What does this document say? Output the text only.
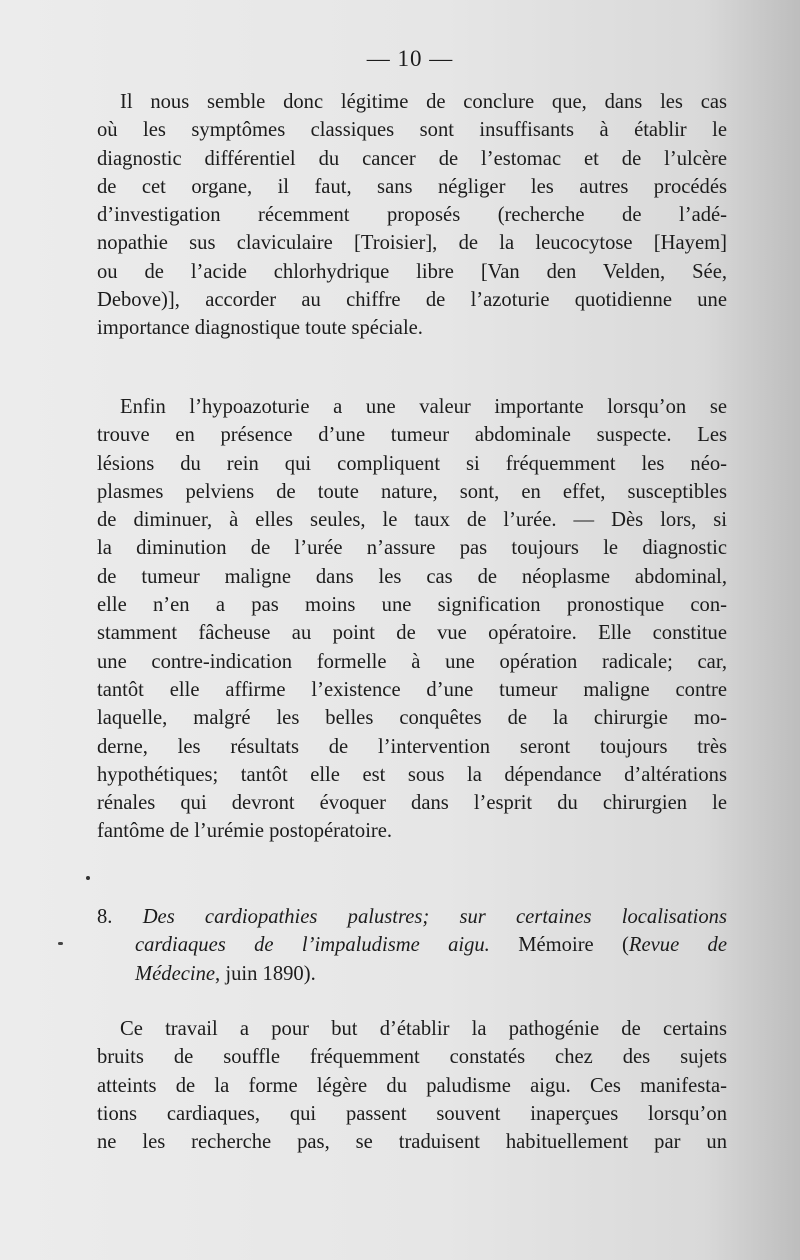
— 10 —
Il nous semble donc légitime de conclure que, dans les cas
où les symptômes classiques sont insuffisants à établir le
diagnostic différentiel du cancer de l’estomac et de l’ulcère
de cet organe, il faut, sans négliger les autres procédés
d’investigation récemment proposés (recherche de l’adé-
nopathie sus claviculaire [Troisier], de la leucocytose [Hayem]
ou de l’acide chlorhydrique libre [Van den Velden, Sée,
Debove)], accorder au chiffre de l’azoturie quotidienne une
importance diagnostique toute spéciale.
Enfin l’hypoazoturie a une valeur importante lorsqu’on se
trouve en présence d’une tumeur abdominale suspecte. Les
lésions du rein qui compliquent si fréquemment les néo-
plasmes pelviens de toute nature, sont, en effet, susceptibles
de diminuer, à elles seules, le taux de l’urée. — Dès lors, si
la diminution de l’urée n’assure pas toujours le diagnostic
de tumeur maligne dans les cas de néoplasme abdominal,
elle n’en a pas moins une signification pronostique con-
stamment fâcheuse au point de vue opératoire. Elle constitue
une contre-indication formelle à une opération radicale; car,
tantôt elle affirme l’existence d’une tumeur maligne contre
laquelle, malgré les belles conquêtes de la chirurgie mo-
derne, les résultats de l’intervention seront toujours très
hypothétiques; tantôt elle est sous la dépendance d’altérations
rénales qui devront évoquer dans l’esprit du chirurgien le
fantôme de l’urémie postopératoire.
8. Des cardiopathies palustres; sur certaines localisations
cardiaques de l’impaludisme aigu. Mémoire (Revue de
Médecine, juin 1890).
Ce travail a pour but d’établir la pathogénie de certains
bruits de souffle fréquemment constatés chez des sujets
atteints de la forme légère du paludisme aigu. Ces manifesta-
tions cardiaques, qui passent souvent inaperçues lorsqu’on
ne les recherche pas, se traduisent habituellement par un
